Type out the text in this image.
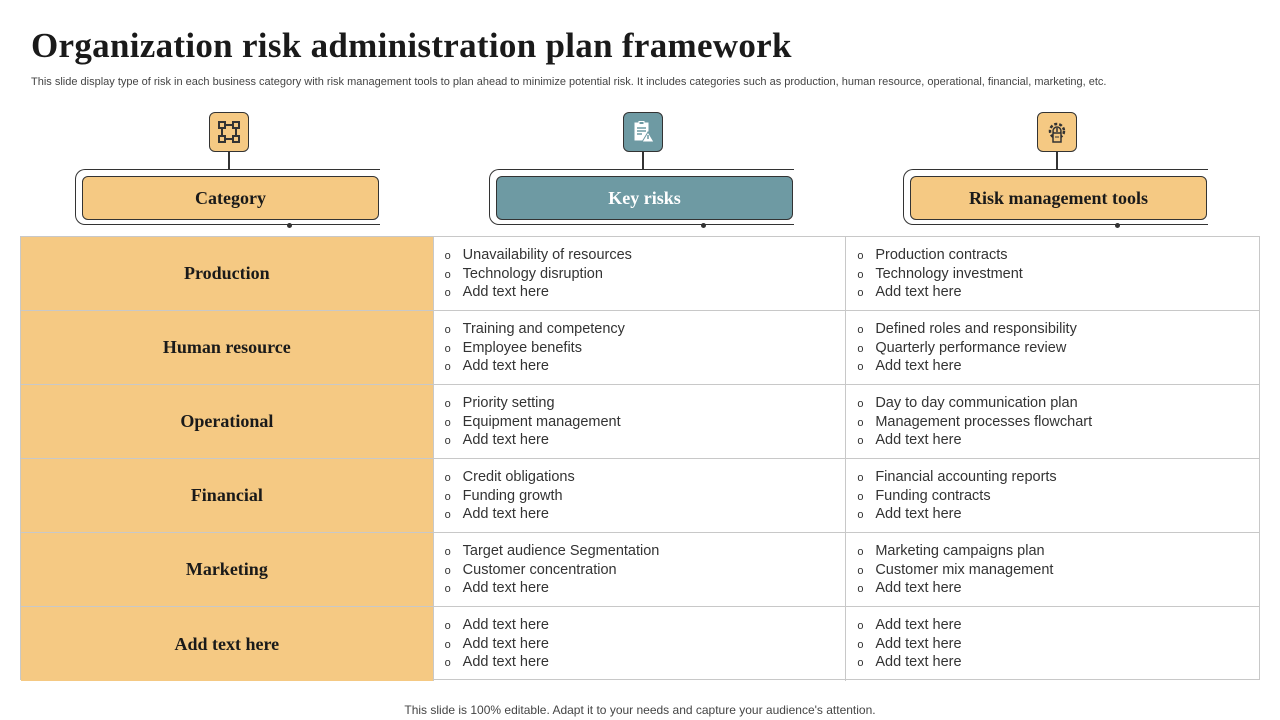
Organization risk administration plan framework

This slide display type of risk in each business category with risk management tools to plan ahead to minimize potential risk. It includes categories such as production, human resource, operational, financial, marketing, etc.

Category	Key risks	Risk management tools
Production
o Unavailability of resources
o Technology disruption
o Add text here
o Production contracts
o Technology investment
o Add text here
Human resource
o Training and competency
o Employee benefits
o Add text here
o Defined roles and responsibility
o Quarterly performance review
o Add text here
Operational
o Priority setting
o Equipment management
o Add text here
o Day to day communication plan
o Management processes flowchart
o Add text here
Financial
o Credit obligations
o Funding growth
o Add text here
o Financial accounting reports
o Funding contracts
o Add text here
Marketing
o Target audience Segmentation
o Customer concentration
o Add text here
o Marketing campaigns plan
o Customer mix management
o Add text here
Add text here
o Add text here
o Add text here
o Add text here
o Add text here
o Add text here
o Add text here
This slide is 100% editable. Adapt it to your needs and capture your audience's attention.
